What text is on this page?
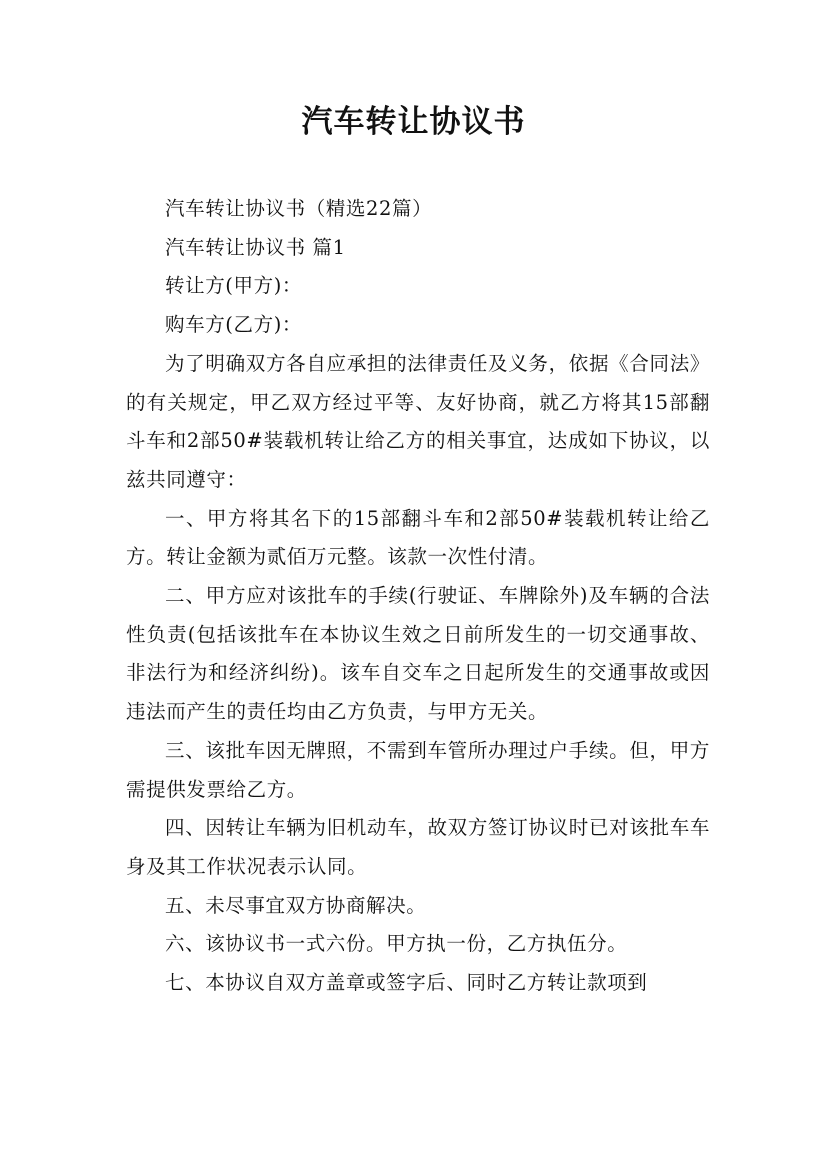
汽车转让协议书

汽车转让协议书（精选22篇）

汽车转让协议书 篇1

转让方(甲方)：

购车方(乙方)：

为了明确双方各自应承担的法律责任及义务，依据《合同法》的有关规定，甲乙双方经过平等、友好协商，就乙方将其15部翻斗车和2部50#装载机转让给乙方的相关事宜，达成如下协议，以兹共同遵守：

一、甲方将其名下的15部翻斗车和2部50#装载机转让给乙方。转让金额为贰佰万元整。该款一次性付清。

二、甲方应对该批车的手续(行驶证、车牌除外)及车辆的合法性负责(包括该批车在本协议生效之日前所发生的一切交通事故、非法行为和经济纠纷)。该车自交车之日起所发生的交通事故或因违法而产生的责任均由乙方负责，与甲方无关。

三、该批车因无牌照，不需到车管所办理过户手续。但，甲方需提供发票给乙方。

四、因转让车辆为旧机动车，故双方签订协议时已对该批车车身及其工作状况表示认同。

五、未尽事宜双方协商解决。

六、该协议书一式六份。甲方执一份，乙方执伍分。

七、本协议自双方盖章或签字后、同时乙方转让款项到
